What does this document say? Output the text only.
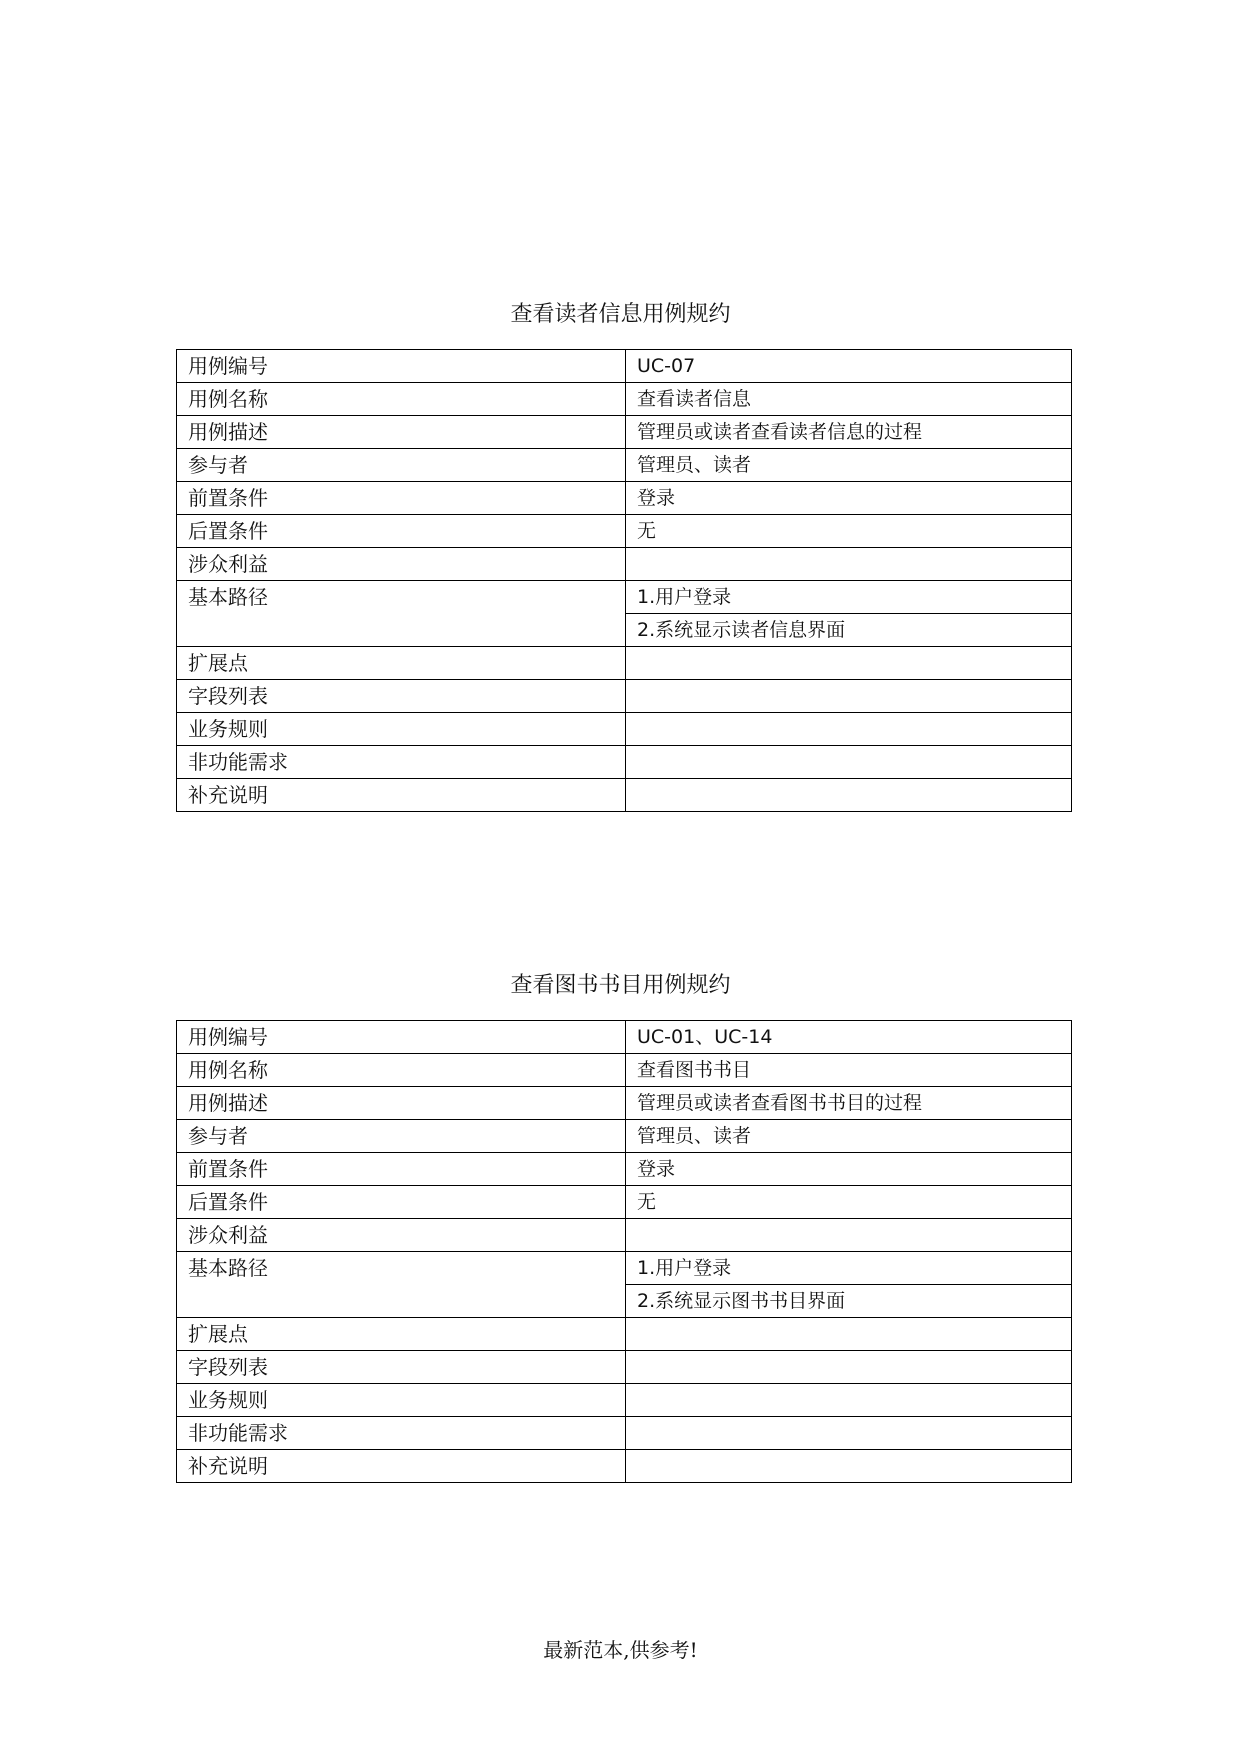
查看读者信息用例规约
用例编号	UC-07
用例名称	查看读者信息
用例描述	管理员或读者查看读者信息的过程
参与者	管理员、读者
前置条件	登录
后置条件	无
涉众利益	
基本路径	1.用户登录
	2.系统显示读者信息界面
扩展点	
字段列表	
业务规则	
非功能需求	
补充说明	
查看图书书目用例规约
用例编号	UC-01、UC-14
用例名称	查看图书书目
用例描述	管理员或读者查看图书书目的过程
参与者	管理员、读者
前置条件	登录
后置条件	无
涉众利益	
基本路径	1.用户登录
	2.系统显示图书书目界面
扩展点	
字段列表	
业务规则	
非功能需求	
补充说明	
最新范本,供参考!
